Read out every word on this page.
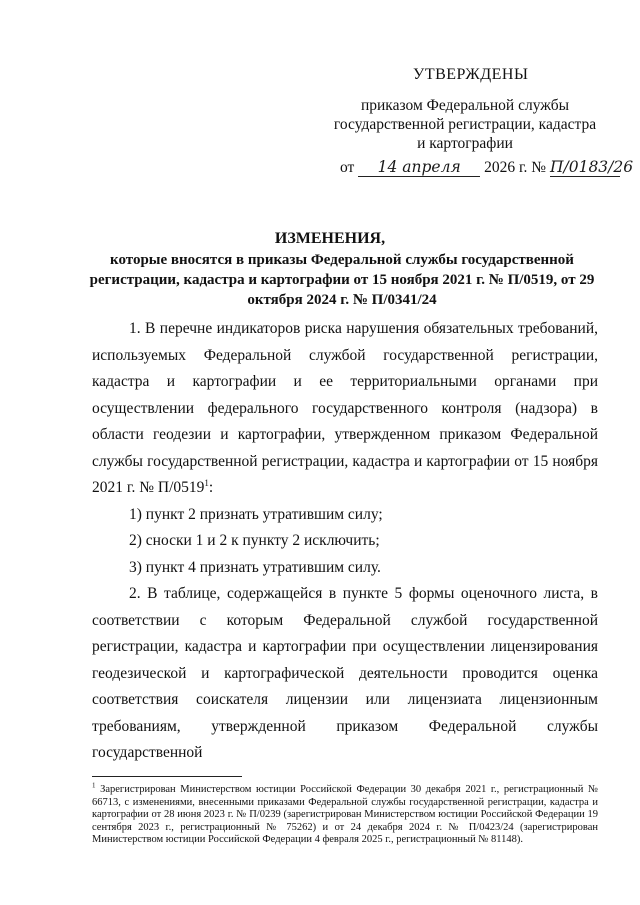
УТВЕРЖДЕНЫ
приказом Федеральной службы государственной регистрации, кадастра и картографии
от 14 апреля 2026 г. № П/0183/26
ИЗМЕНЕНИЯ,
которые вносятся в приказы Федеральной службы государственной регистрации, кадастра и картографии от 15 ноября 2021 г. № П/0519, от 29 октября 2024 г. № П/0341/24

1. В перечне индикаторов риска нарушения обязательных требований, используемых Федеральной службой государственной регистрации, кадастра и картографии и ее территориальными органами при осуществлении федерального государственного контроля (надзора) в области геодезии и картографии, утвержденном приказом Федеральной службы государственной регистрации, кадастра и картографии от 15 ноября 2021 г. № П/0519$^1$:

1) пункт 2 признать утратившим силу;

2) сноски 1 и 2 к пункту 2 исключить;

3) пункт 4 признать утратившим силу.

2. В таблице, содержащейся в пункте 5 формы оценочного листа, в соответствии с которым Федеральной службой государственной регистрации, кадастра и картографии при осуществлении лицензирования геодезической и картографической деятельности проводится оценка соответствия соискателя лицензии или лицензиата лицензионным требованиям, утвержденной приказом Федеральной службы государственной

$^1$ Зарегистрирован Министерством юстиции Российской Федерации 30 декабря 2021 г., регистрационный № 66713, с изменениями, внесенными приказами Федеральной службы государственной регистрации, кадастра и картографии от 28 июня 2023 г. № П/0239 (зарегистрирован Министерством юстиции Российской Федерации 19 сентября 2023 г., регистрационный № 75262) и от 24 декабря 2024 г. № П/0423/24 (зарегистрирован Министерством юстиции Российской Федерации 4 февраля 2025 г., регистрационный № 81148).
